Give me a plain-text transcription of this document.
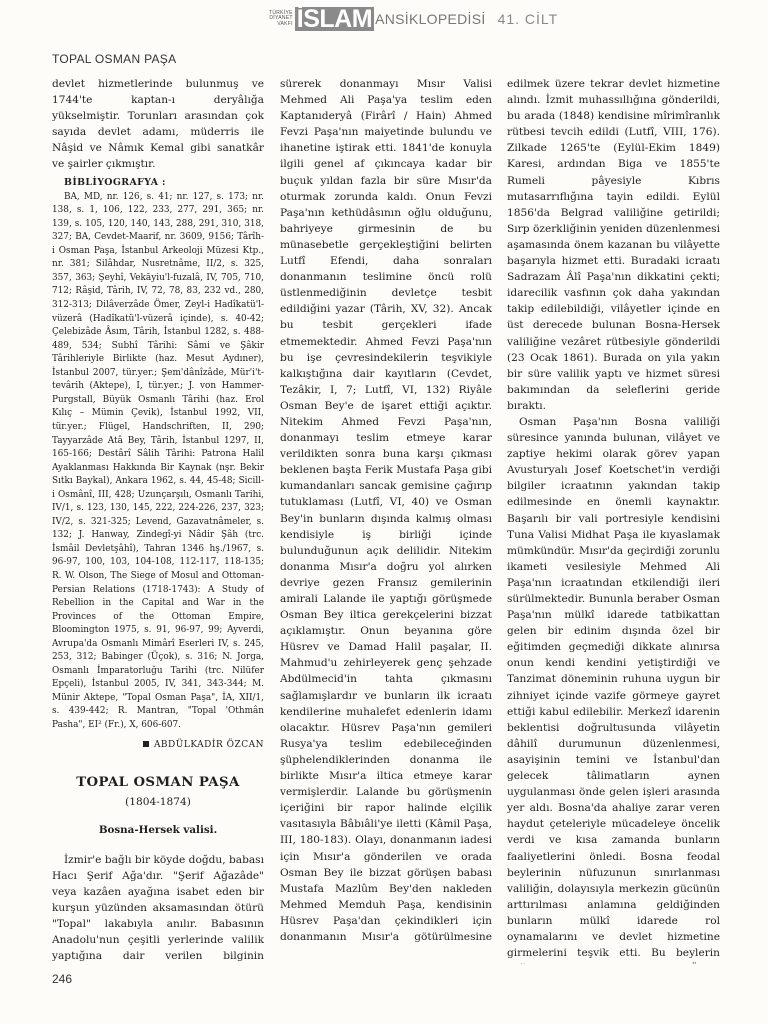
TÜRKİYE
DİYANET
VAKFI İSLAM ANSİKLOPEDİSİ 41. CİLT
TOPAL OSMAN PAŞA

devlet hizmetlerinde bulunmuş ve 1744'te kaptan-ı deryâlığa yükselmiştir. Torunları arasından çok sayıda devlet adamı, müderris ile Nâşid ve Nâmık Kemal gibi sanatkâr ve şairler çıkmıştır.

BİBLİYOGRAFYA :
BA, MD, nr. 126, s. 41; nr. 127, s. 173; nr. 138, s. 1, 106, 122, 233, 277, 291, 365; nr. 139, s. 105, 120, 140, 143, 288, 291, 310, 318, 327; BA, Cevdet-Maarif, nr. 3609, 9156; Târîh-i Osman Paşa, İstanbul Arkeoloji Müzesi Ktp., nr. 381; Silâhdar, Nusretnâme, II/2, s. 325, 357, 363; Şeyhî, Vekāyiu'l-fuzalâ, IV, 705, 710, 712; Râşid, Târih, IV, 72, 78, 83, 232 vd., 280, 312-313; Dilâverzâde Ömer, Zeyl-i Hadîkatü'l-vüzerâ (Hadîkatü'l-vüzerâ içinde), s. 40-42; Çelebizâde Âsım, Târih, İstanbul 1282, s. 488-489, 534; Subhî Târihi: Sâmi ve Şâkir Târihleriyle Birlikte (haz. Mesut Aydıner), İstanbul 2007, tür.yer.; Şem'dânîzâde, Mür'i't-tevârih (Aktepe), I, tür.yer.; J. von Hammer-Purgstall, Büyük Osmanlı Târihi (haz. Erol Kılıç – Mümin Çevik), İstanbul 1992, VII, tür.yer.; Flügel, Handschriften, II, 290; Tayyarzâde Atâ Bey, Târih, İstanbul 1297, II, 165-166; Destârî Sâlih Târihi: Patrona Halil Ayaklanması Hakkında Bir Kaynak (nşr. Bekir Sıtkı Baykal), Ankara 1962, s. 44, 45-48; Sicill-i Osmânî, III, 428; Uzunçarşılı, Osmanlı Tarihi, IV/1, s. 123, 130, 145, 222, 224-226, 237, 323; IV/2, s. 321-325; Levend, Gazavatnâmeler, s. 132; J. Hanway, Zindegî-yi Nâdir Şâh (trc. İsmâil Devletşâhî), Tahran 1346 hş./1967, s. 96-97, 100, 103, 104-108, 112-117, 118-135; R. W. Olson, The Siege of Mosul and Ottoman-Persian Relations (1718-1743): A Study of Rebellion in the Capital and War in the Provinces of the Ottoman Empire, Bloomington 1975, s. 91, 96-97, 99; Ayverdi, Avrupa'da Osmanlı Mimârî Eserleri IV, s. 245, 253, 312; Babinger (Üçok), s. 316; N. Jorga, Osmanlı İmparatorluğu Tarihi (trc. Nilüfer Epçeli), İstanbul 2005, IV, 341, 343-344; M. Münir Aktepe, "Topal Osman Paşa", İA, XII/1, s. 439-442; R. Mantran, "Topal 'Othmân Pasha", EI² (Fr.), X, 606-607.
ABDÜLKADİR ÖZCAN
TOPAL OSMAN PAŞA
(1804-1874)
Bosna-Hersek valisi.

İzmir'e bağlı bir köyde doğdu, babası Hacı Şerif Ağa'dır. "Şerif Ağazâde" veya kazâen ayağına isabet eden bir kurşun yüzünden aksamasından ötürü "Topal" lakabıyla anılır. Babasının Anadolu'nun çeşitli yerlerinde valilik yaptığına dair verilen bilginin

sürerek donanmayı Mısır Valisi Mehmed Ali Paşa'ya teslim eden Kaptanıderyâ (Firârî / Hain) Ahmed Fevzi Paşa'nın maiyetinde bulundu ve ihanetine iştirak etti. 1841'de konuyla ilgili genel af çıkıncaya kadar bir buçuk yıldan fazla bir süre Mısır'da oturmak zorunda kaldı. Onun Fevzi Paşa'nın kethüdâsının oğlu olduğunu, bahriyeye girmesinin de bu münasebetle gerçekleştiğini belirten Lutfî Efendi, daha sonraları donanmanın teslimine öncü rolü üstlenmediğinin devletçe tesbit edildiğini yazar (Târih, XV, 32). Ancak bu tesbit gerçekleri ifade etmemektedir. Ahmed Fevzi Paşa'nın bu işe çevresindekilerin teşvikiyle kalkıştığına dair kayıtların (Cevdet, Tezâkir, I, 7; Lutfî, VI, 132) Riyâle Osman Bey'e de işaret ettiği açıktır. Nitekim Ahmed Fevzi Paşa'nın, donanmayı teslim etmeye karar verildikten sonra buna karşı çıkması beklenen başta Ferik Mustafa Paşa gibi kumandanları sancak gemisine çağırıp tutuklaması (Lutfî, VI, 40) ve Osman Bey'in bunların dışında kalmış olması kendisiyle iş birliği içinde bulunduğunun açık delilidir. Nitekim donanma Mısır'a doğru yol alırken devriye gezen Fransız gemilerinin amirali Lalande ile yaptığı görüşmede Osman Bey iltica gerekçelerini bizzat açıklamıştır. Onun beyanına göre Hüsrev ve Damad Halil paşalar, II. Mahmud'u zehirleyerek genç şehzade Abdülmecid'in tahta çıkmasını sağlamışlardır ve bunların ilk icraatı kendilerine muhalefet edenlerin idamı olacaktır. Hüsrev Paşa'nın gemileri Rusya'ya teslim edebileceğinden şüphelendiklerinden donanma ile birlikte Mısır'a iltica etmeye karar vermişlerdir. Lalande bu görüşmenin içeriğini bir rapor halinde elçilik vasıtasıyla Bâbıâli'ye iletti (Kâmil Paşa, III, 180-183). Olayı, donanmanın iadesi için Mısır'a gönderilen ve orada Osman Bey ile bizzat görüşen babası Mustafa Mazlûm Bey'den nakleden Mehmed Memduh Paşa, kendisinin Hüsrev Paşa'dan çekindikleri için donanmanın Mısır'a götürülmesine

edilmek üzere tekrar devlet hizmetine alındı. İzmit muhassıllığına gönderildi, bu arada (1848) kendisine mîrimîranlık rütbesi tevcih edildi (Lutfî, VIII, 176). Zilkade 1265'te (Eylül-Ekim 1849) Karesi, ardından Biga ve 1855'te Rumeli pâyesiyle Kıbrıs mutasarrıflığına tayin edildi. Eylül 1856'da Belgrad valiliğine getirildi; Sırp özerkliğinin yeniden düzenlenmesi aşamasında önem kazanan bu vilâyette başarıyla hizmet etti. Buradaki icraatı Sadrazam Âlî Paşa'nın dikkatini çekti; idarecilik vasfının çok daha yakından takip edilebildiği, vilâyetler içinde en üst derecede bulunan Bosna-Hersek valiliğine vezâret rütbesiyle gönderildi (23 Ocak 1861). Burada on yıla yakın bir süre valilik yaptı ve hizmet süresi bakımından da seleflerini geride bıraktı.

Osman Paşa'nın Bosna valiliği süresince yanında bulunan, vilâyet ve zaptiye hekimi olarak görev yapan Avusturyalı Josef Koetschet'in verdiği bilgiler icraatının yakından takip edilmesinde en önemli kaynaktır. Başarılı bir vali portresiyle kendisini Tuna Valisi Midhat Paşa ile kıyaslamak mümkündür. Mısır'da geçirdiği zorunlu ikameti vesilesiyle Mehmed Ali Paşa'nın icraatından etkilendiği ileri sürülmektedir. Bununla beraber Osman Paşa'nın mülkî idarede tatbikattan gelen bir edinim dışında özel bir eğitimden geçmediği dikkate alınırsa onun kendi kendini yetiştirdiği ve Tanzimat döneminin ruhuna uygun bir zihniyet içinde vazife görmeye gayret ettiği kabul edilebilir. Merkezî idarenin beklentisi doğrultusunda vilâyetin dâhilî durumunun düzenlenmesi, asayişinin temini ve İstanbul'dan gelecek tâlimatların aynen uygulanması önde gelen işleri arasında yer aldı. Bosna'da ahaliye zarar veren haydut çeteleriyle mücadeleye öncelik verdi ve kısa zamanda bunların faaliyetlerini önledi. Bosna feodal beylerinin nüfuzunun sınırlanması valiliğin, dolayısıyla merkezin gücünün arttırılması anlamına geldiğinden bunların mülkî idarede rol oynamalarını ve devlet hizmetine girmelerini teşvik etti. Bu beylerin

246
